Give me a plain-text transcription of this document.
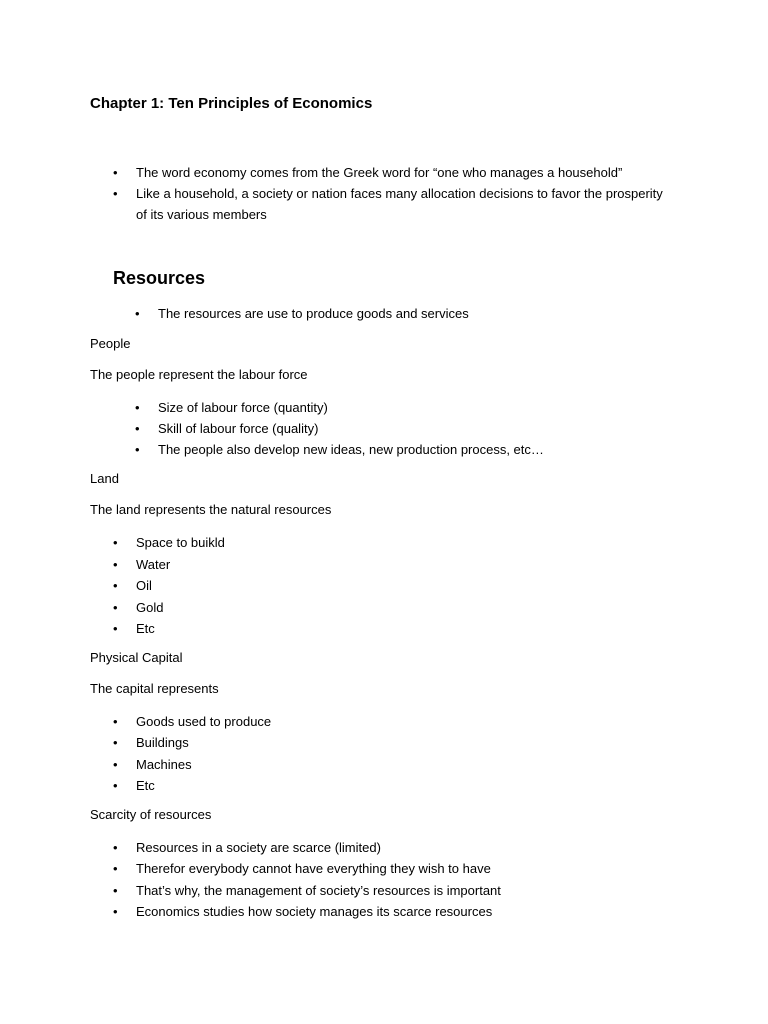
Chapter 1: Ten Principles of Economics
• The word economy comes from the Greek word for “one who manages a household”
• Like a household, a society or nation faces many allocation decisions to favor the prosperity of its various members
Resources
• The resources are use to produce goods and services
People
The people represent the labour force
• Size of labour force (quantity)
• Skill of labour force (quality)
• The people also develop new ideas, new production process, etc…
Land
The land represents the natural resources
• Space to buikld
• Water
• Oil
• Gold
• Etc
Physical Capital
The capital represents
• Goods used to produce
• Buildings
• Machines
• Etc
Scarcity of resources
• Resources in a society are scarce (limited)
• Therefor everybody cannot have everything they wish to have
• That’s why, the management of society’s resources is important
• Economics studies how society manages its scarce resources
